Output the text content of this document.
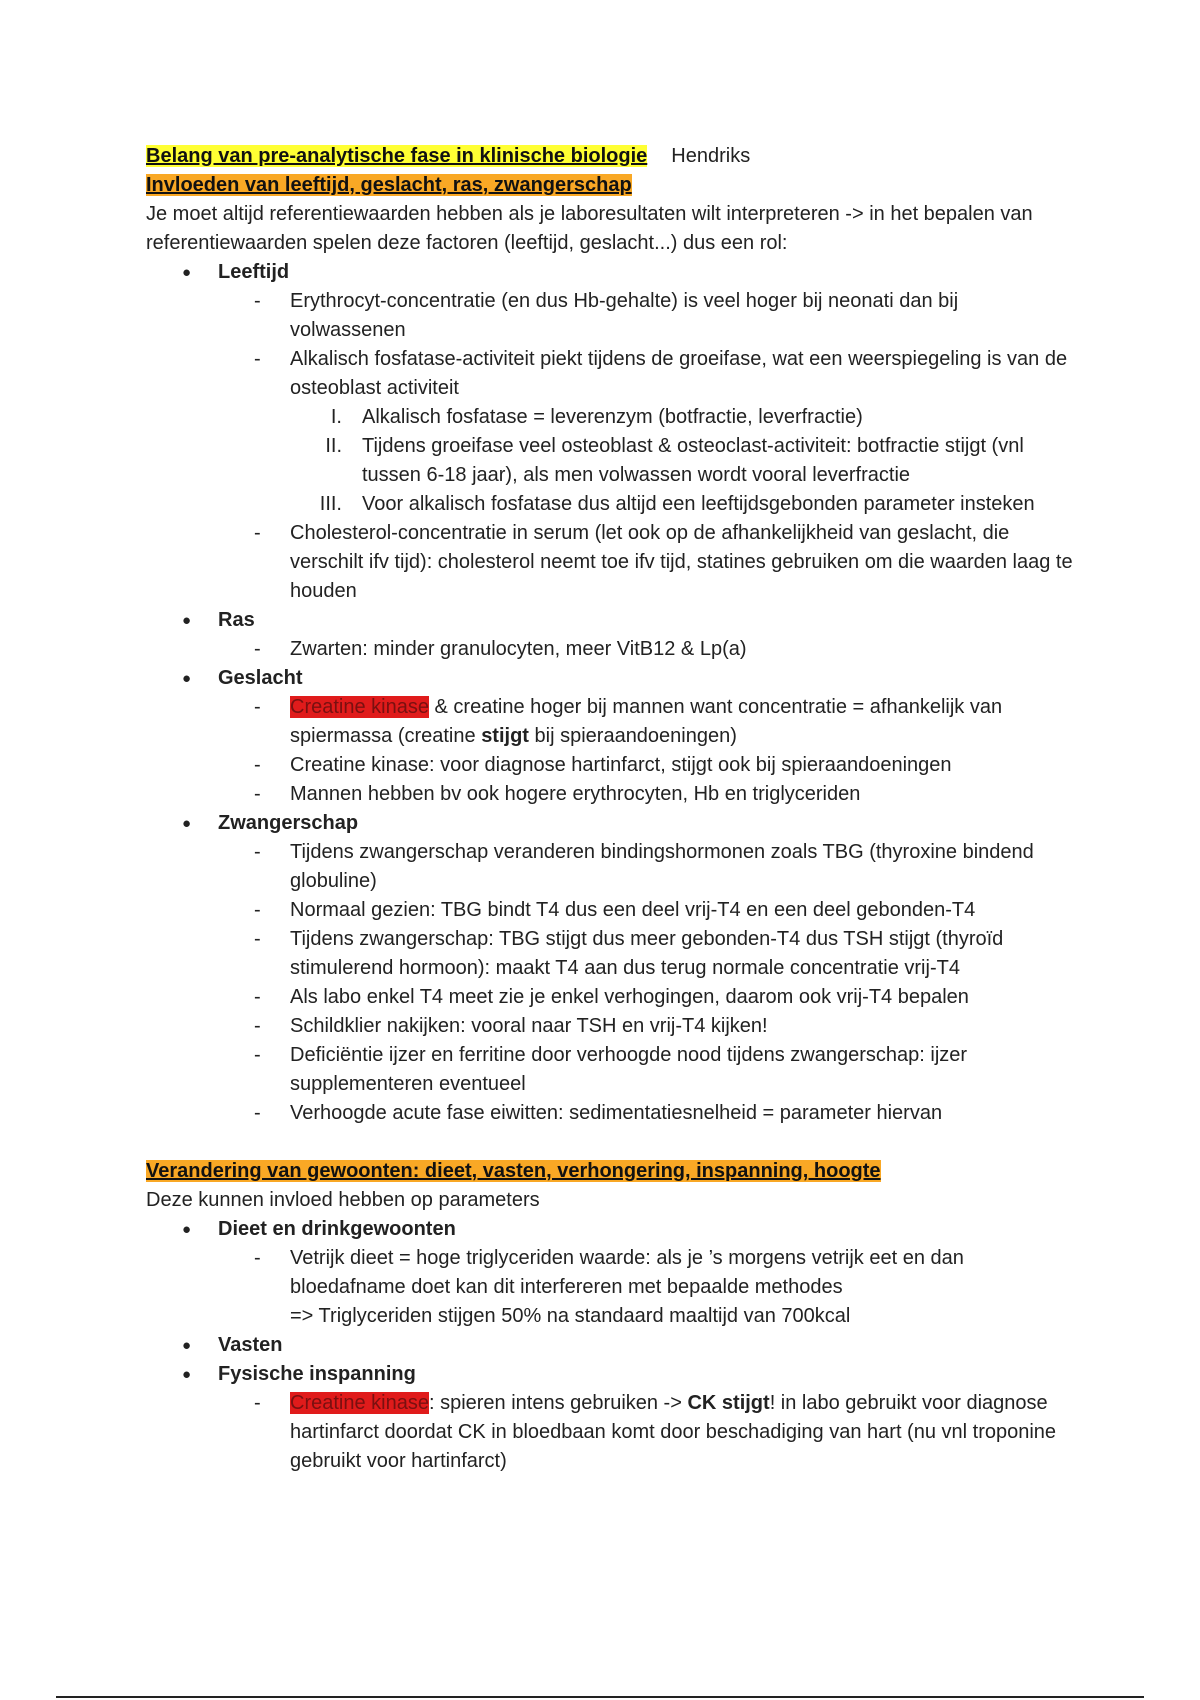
Belang van pre-analytische fase in klinische biologie Hendriks

Invloeden van leeftijd, geslacht, ras, zwangerschap

Je moet altijd referentiewaarden hebben als je laboresultaten wilt interpreteren -> in het bepalen van referentiewaarden spelen deze factoren (leeftijd, geslacht...) dus een rol:

● Leeftijd
- Erythrocyt-concentratie (en dus Hb-gehalte) is veel hoger bij neonati dan bij volwassenen
- Alkalisch fosfatase-activiteit piekt tijdens de groeifase, wat een weerspiegeling is van de osteoblast activiteit
I. Alkalisch fosfatase = leverenzym (botfractie, leverfractie)
II. Tijdens groeifase veel osteoblast & osteoclast-activiteit: botfractie stijgt (vnl tussen 6-18 jaar), als men volwassen wordt vooral leverfractie
III. Voor alkalisch fosfatase dus altijd een leeftijdsgebonden parameter insteken
- Cholesterol-concentratie in serum (let ook op de afhankelijkheid van geslacht, die verschilt ifv tijd): cholesterol neemt toe ifv tijd, statines gebruiken om die waarden laag te houden
● Ras
- Zwarten: minder granulocyten, meer VitB12 & Lp(a)
● Geslacht
- Creatine kinase & creatine hoger bij mannen want concentratie = afhankelijk van spiermassa (creatine stijgt bij spieraandoeningen)
- Creatine kinase: voor diagnose hartinfarct, stijgt ook bij spieraandoeningen
- Mannen hebben bv ook hogere erythrocyten, Hb en triglyceriden
● Zwangerschap
- Tijdens zwangerschap veranderen bindingshormonen zoals TBG (thyroxine bindend globuline)
- Normaal gezien: TBG bindt T4 dus een deel vrij-T4 en een deel gebonden-T4
- Tijdens zwangerschap: TBG stijgt dus meer gebonden-T4 dus TSH stijgt (thyroïd stimulerend hormoon): maakt T4 aan dus terug normale concentratie vrij-T4
- Als labo enkel T4 meet zie je enkel verhogingen, daarom ook vrij-T4 bepalen
- Schildklier nakijken: vooral naar TSH en vrij-T4 kijken!
- Deficiëntie ijzer en ferritine door verhoogde nood tijdens zwangerschap: ijzer supplementeren eventueel
- Verhoogde acute fase eiwitten: sedimentatiesnelheid = parameter hiervan

Verandering van gewoonten: dieet, vasten, verhongering, inspanning, hoogte

Deze kunnen invloed hebben op parameters

● Dieet en drinkgewoonten
- Vetrijk dieet = hoge triglyceriden waarde: als je ’s morgens vetrijk eet en dan bloedafname doet kan dit interfereren met bepaalde methodes
=> Triglyceriden stijgen 50% na standaard maaltijd van 700kcal
● Vasten
● Fysische inspanning
- Creatine kinase: spieren intens gebruiken -> CK stijgt! in labo gebruikt voor diagnose hartinfarct doordat CK in bloedbaan komt door beschadiging van hart (nu vnl troponine gebruikt voor hartinfarct)
